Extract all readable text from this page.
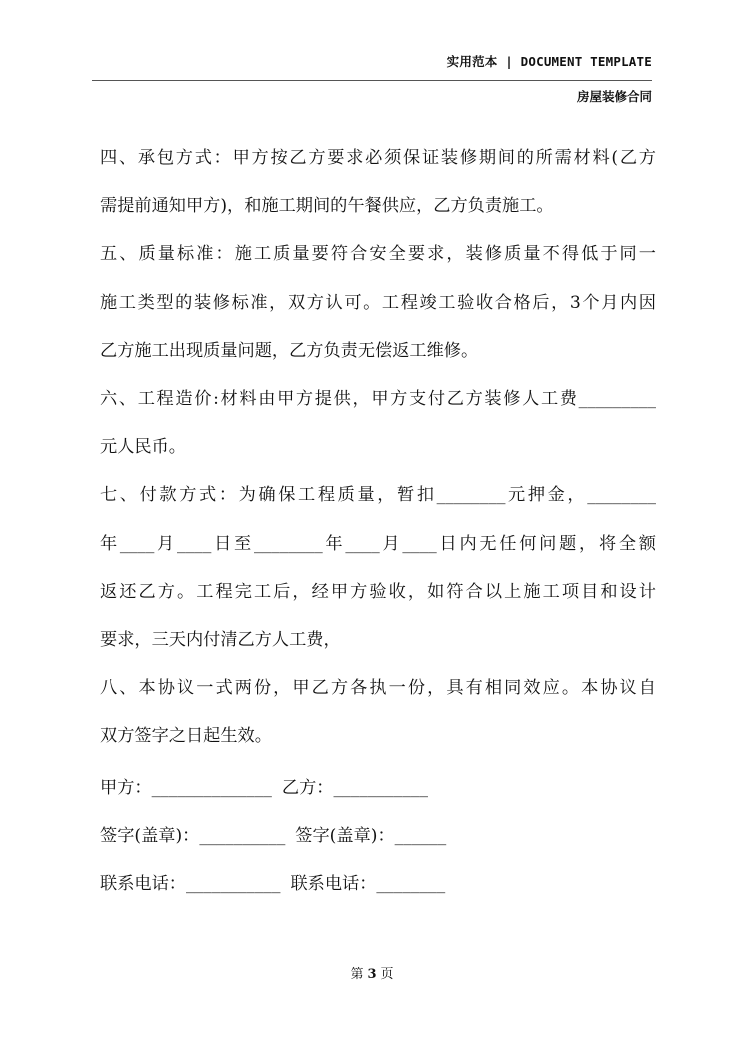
实用范本 | DOCUMENT TEMPLATE
房屋装修合同
四、承包方式：甲方按乙方要求必须保证装修期间的所需材料(乙方
需提前通知甲方)，和施工期间的午餐供应，乙方负责施工。
五、质量标准：施工质量要符合安全要求，装修质量不得低于同一
施工类型的装修标准，双方认可。工程竣工验收合格后，3个月内因
乙方施工出现质量问题，乙方负责无偿返工维修。
六、工程造价:材料由甲方提供，甲方支付乙方装修人工费_________
元人民币。
七、付款方式：为确保工程质量，暂扣________元押金，________
年____月____日至________年____月____日内无任何问题，将全额
返还乙方。工程完工后，经甲方验收，如符合以上施工项目和设计
要求，三天内付清乙方人工费，
八、本协议一式两份，甲乙方各执一份，具有相同效应。本协议自
双方签字之日起生效。
甲方：______________ 乙方：___________
签字(盖章)：__________ 签字(盖章)：______
联系电话：___________ 联系电话：________
第 3 页
